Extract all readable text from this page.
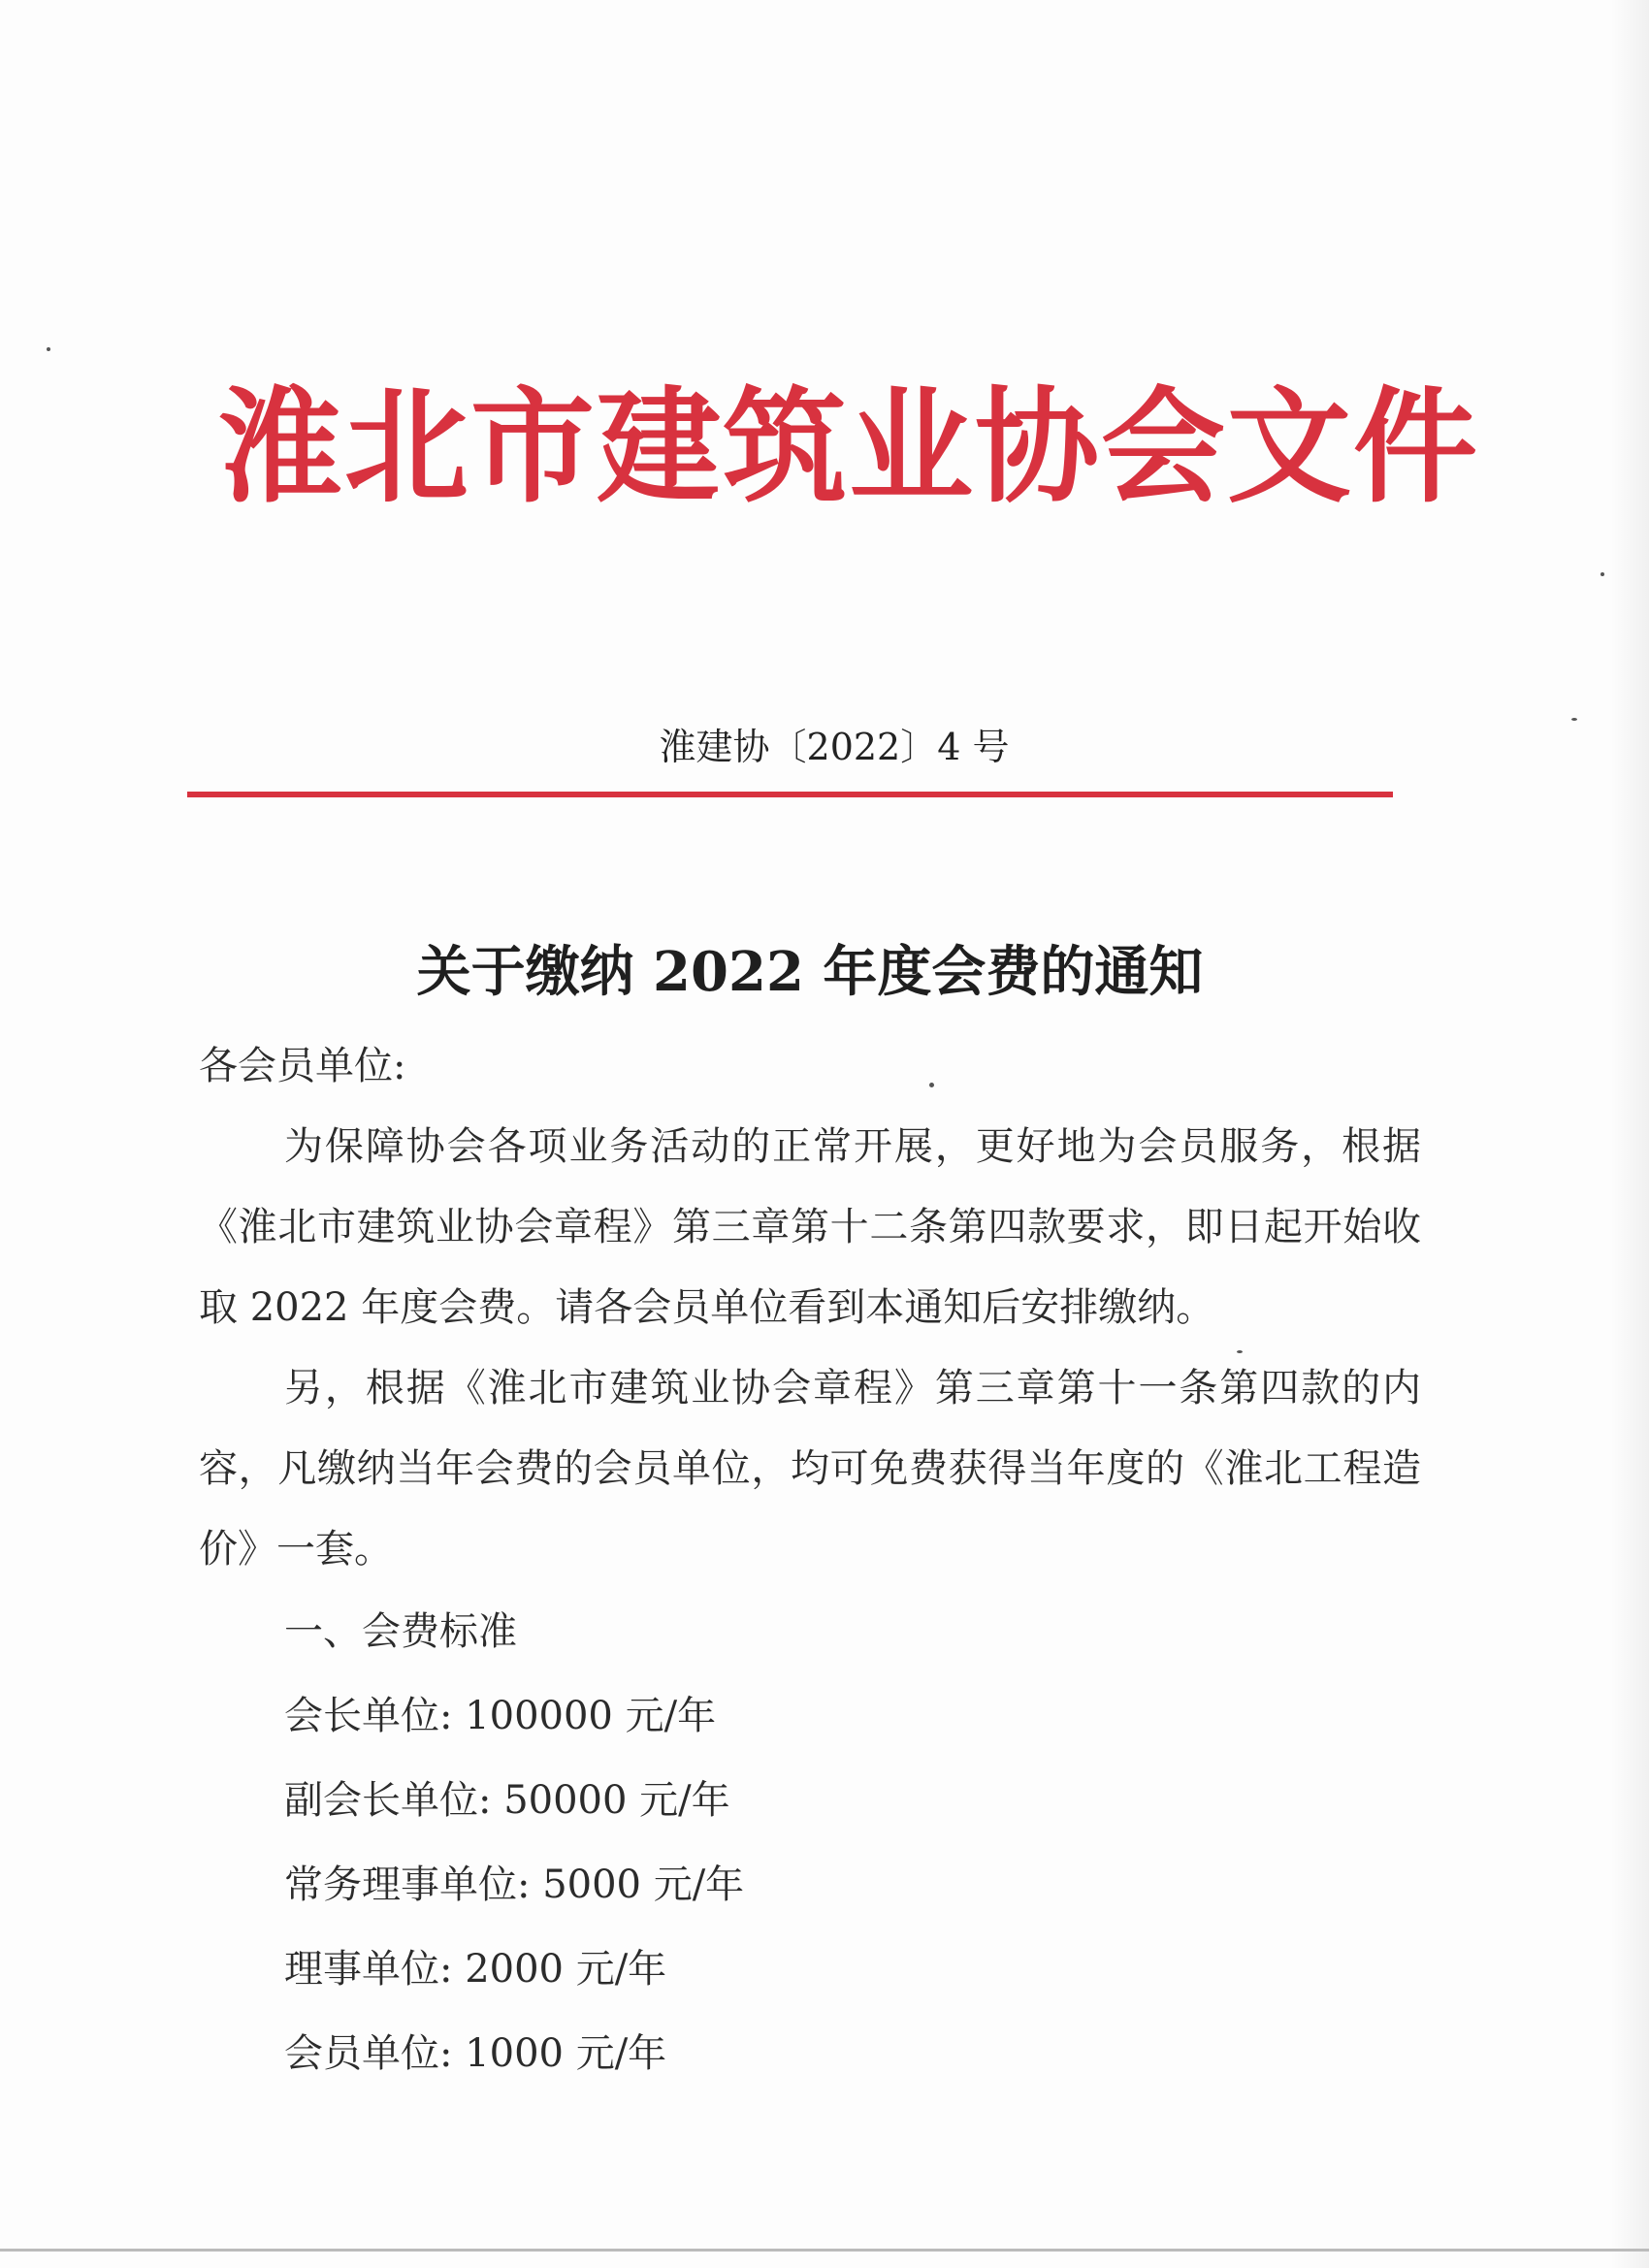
淮北市建筑业协会文件
淮建协〔2022〕4 号
关于缴纳 2022 年度会费的通知

各会员单位:

为保障协会各项业务活动的正常开展，更好地为会员服务，根据《淮北市建筑业协会章程》第三章第十二条第四款要求，即日起开始收取 2022 年度会费。请各会员单位看到本通知后安排缴纳。

另，根据《淮北市建筑业协会章程》第三章第十一条第四款的内容，凡缴纳当年会费的会员单位，均可免费获得当年度的《淮北工程造价》一套。

一、会费标准

会长单位: 100000 元/年

副会长单位: 50000 元/年

常务理事单位: 5000 元/年

理事单位: 2000 元/年

会员单位: 1000 元/年
